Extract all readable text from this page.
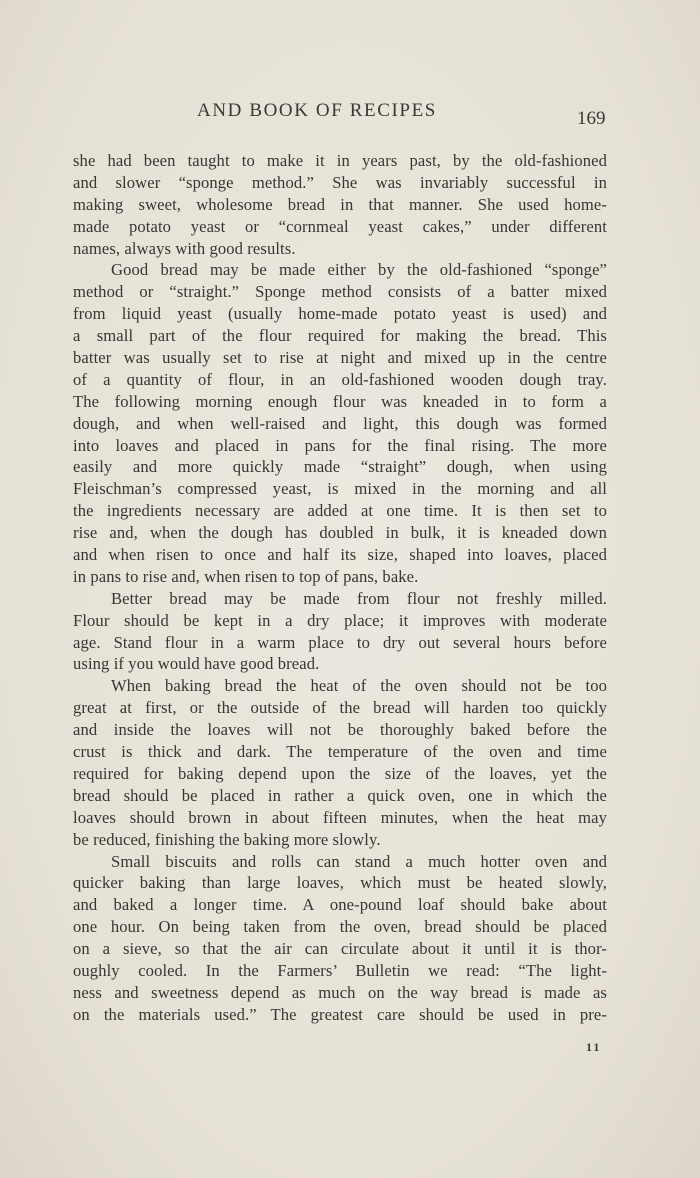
AND BOOK OF RECIPES	169
she had been taught to make it in years past, by the old-fashioned
and slower “sponge method.” She was invariably successful in
making sweet, wholesome bread in that manner. She used home-
made potato yeast or “cornmeal yeast cakes,” under different
names, always with good results.
Good bread may be made either by the old-fashioned “sponge”
method or “straight.” Sponge method consists of a batter mixed
from liquid yeast (usually home-made potato yeast is used) and
a small part of the flour required for making the bread. This
batter was usually set to rise at night and mixed up in the centre
of a quantity of flour, in an old-fashioned wooden dough tray.
The following morning enough flour was kneaded in to form a
dough, and when well-raised and light, this dough was formed
into loaves and placed in pans for the final rising. The more
easily and more quickly made “straight” dough, when using
Fleischman’s compressed yeast, is mixed in the morning and all
the ingredients necessary are added at one time. It is then set to
rise and, when the dough has doubled in bulk, it is kneaded down
and when risen to once and half its size, shaped into loaves, placed
in pans to rise and, when risen to top of pans, bake.
Better bread may be made from flour not freshly milled.
Flour should be kept in a dry place; it improves with moderate
age. Stand flour in a warm place to dry out several hours before
using if you would have good bread.
When baking bread the heat of the oven should not be too
great at first, or the outside of the bread will harden too quickly
and inside the loaves will not be thoroughly baked before the
crust is thick and dark. The temperature of the oven and time
required for baking depend upon the size of the loaves, yet the
bread should be placed in rather a quick oven, one in which the
loaves should brown in about fifteen minutes, when the heat may
be reduced, finishing the baking more slowly.
Small biscuits and rolls can stand a much hotter oven and
quicker baking than large loaves, which must be heated slowly,
and baked a longer time. A one-pound loaf should bake about
one hour. On being taken from the oven, bread should be placed
on a sieve, so that the air can circulate about it until it is thor-
oughly cooled. In the Farmers’ Bulletin we read: “The light-
ness and sweetness depend as much on the way bread is made as
on the materials used.” The greatest care should be used in pre-
11
